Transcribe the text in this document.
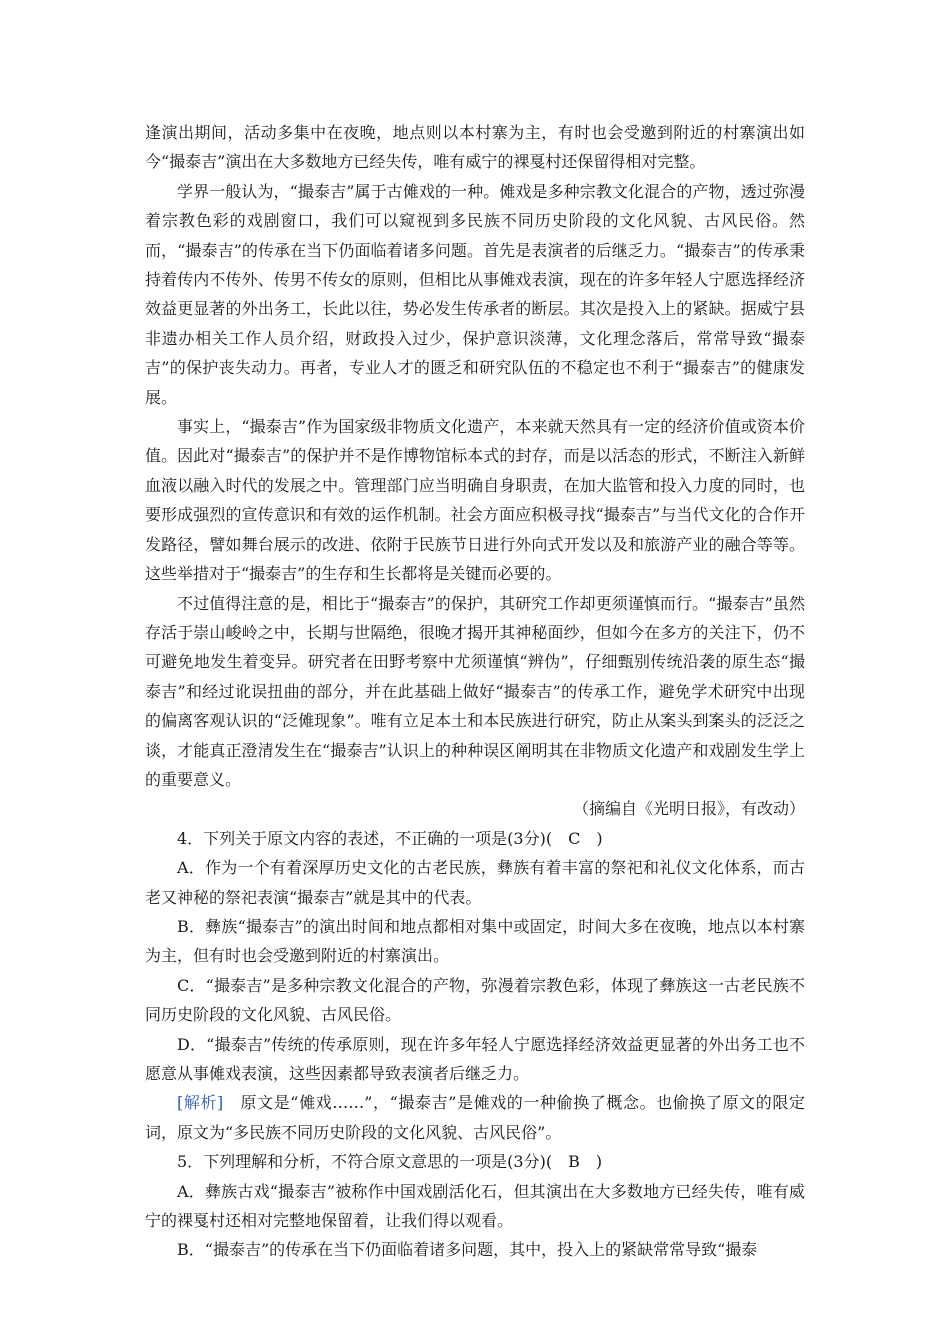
逢演出期间，活动多集中在夜晚，地点则以本村寨为主，有时也会受邀到附近的村寨演出如今“撮泰吉”演出在大多数地方已经失传，唯有威宁的裸戛村还保留得相对完整。

学界一般认为，“撮泰吉”属于古傩戏的一种。傩戏是多种宗教文化混合的产物，透过弥漫着宗教色彩的戏剧窗口，我们可以窥视到多民族不同历史阶段的文化风貌、古风民俗。然而，“撮泰吉”的传承在当下仍面临着诸多问题。首先是表演者的后继乏力。“撮泰吉”的传承秉持着传内不传外、传男不传女的原则，但相比从事傩戏表演，现在的许多年轻人宁愿选择经济效益更显著的外出务工，长此以往，势必发生传承者的断层。其次是投入上的紧缺。据威宁县非遗办相关工作人员介绍，财政投入过少，保护意识淡薄，文化理念落后，常常导致“撮泰吉”的保护丧失动力。再者，专业人才的匮乏和研究队伍的不稳定也不利于“撮泰吉”的健康发展。

事实上，“撮泰吉”作为国家级非物质文化遗产，本来就天然具有一定的经济价值或资本价值。因此对“撮泰吉”的保护并不是作博物馆标本式的封存，而是以活态的形式，不断注入新鲜血液以融入时代的发展之中。管理部门应当明确自身职责，在加大监管和投入力度的同时，也要形成强烈的宣传意识和有效的运作机制。社会方面应积极寻找“撮泰吉”与当代文化的合作开发路径，譬如舞台展示的改进、依附于民族节日进行外向式开发以及和旅游产业的融合等等。这些举措对于“撮泰吉”的生存和生长都将是关键而必要的。

不过值得注意的是，相比于“撮泰吉”的保护，其研究工作却更须谨慎而行。“撮泰吉”虽然存活于崇山峻岭之中，长期与世隔绝，很晚才揭开其神秘面纱，但如今在多方的关注下，仍不可避免地发生着变异。研究者在田野考察中尤须谨慎“辨伪”，仔细甄别传统沿袭的原生态“撮泰吉”和经过讹误扭曲的部分，并在此基础上做好“撮泰吉”的传承工作，避免学术研究中出现的偏离客观认识的“泛傩现象”。唯有立足本土和本民族进行研究，防止从案头到案头的泛泛之谈，才能真正澄清发生在“撮泰吉”认识上的种种误区阐明其在非物质文化遗产和戏剧发生学上的重要意义。

（摘编自《光明日报》，有改动）

4．下列关于原文内容的表述，不正确的一项是(3分)(　C　)

A．作为一个有着深厚历史文化的古老民族，彝族有着丰富的祭祀和礼仪文化体系，而古老又神秘的祭祀表演“撮泰吉”就是其中的代表。

B．彝族“撮泰吉”的演出时间和地点都相对集中或固定，时间大多在夜晚，地点以本村寨为主，但有时也会受邀到附近的村寨演出。

C．“撮泰吉”是多种宗教文化混合的产物，弥漫着宗教色彩，体现了彝族这一古老民族不同历史阶段的文化风貌、古风民俗。

D．“撮泰吉”传统的传承原则，现在许多年轻人宁愿选择经济效益更显著的外出务工也不愿意从事傩戏表演，这些因素都导致表演者后继乏力。

[解析]　原文是“傩戏……”，“撮泰吉”是傩戏的一种偷换了概念。也偷换了原文的限定词，原文为“多民族不同历史阶段的文化风貌、古风民俗”。

5．下列理解和分析，不符合原文意思的一项是(3分)(　B　)

A．彝族古戏“撮泰吉”被称作中国戏剧活化石，但其演出在大多数地方已经失传，唯有威宁的裸戛村还相对完整地保留着，让我们得以观看。

B．“撮泰吉”的传承在当下仍面临着诸多问题，其中，投入上的紧缺常常导致“撮泰
